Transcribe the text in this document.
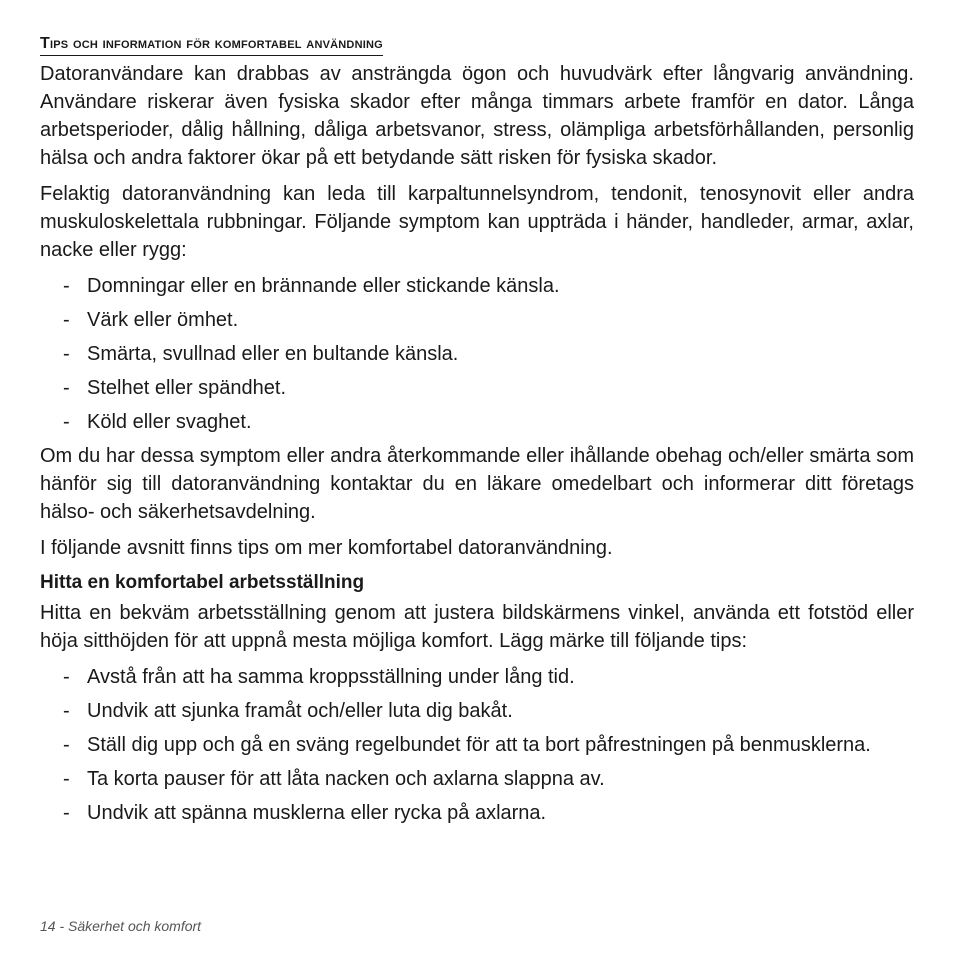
Tips och information för komfortabel användning

Datoranvändare kan drabbas av ansträngda ögon och huvudvärk efter långvarig användning. Användare riskerar även fysiska skador efter många timmars arbete framför en dator. Långa arbetsperioder, dålig hållning, dåliga arbetsvanor, stress, olämpliga arbetsförhållanden, personlig hälsa och andra faktorer ökar på ett betydande sätt risken för fysiska skador.

Felaktig datoranvändning kan leda till karpaltunnelsyndrom, tendonit, tenosynovit eller andra muskuloskelettala rubbningar. Följande symptom kan uppträda i händer, handleder, armar, axlar, nacke eller rygg:

- Domningar eller en brännande eller stickande känsla.
- Värk eller ömhet.
- Smärta, svullnad eller en bultande känsla.
- Stelhet eller spändhet.
- Köld eller svaghet.

Om du har dessa symptom eller andra återkommande eller ihållande obehag och/eller smärta som hänför sig till datoranvändning kontaktar du en läkare omedelbart och informerar ditt företags hälso- och säkerhetsavdelning.

I följande avsnitt finns tips om mer komfortabel datoranvändning.

Hitta en komfortabel arbetsställning

Hitta en bekväm arbetsställning genom att justera bildskärmens vinkel, använda ett fotstöd eller höja sitthöjden för att uppnå mesta möjliga komfort. Lägg märke till följande tips:

- Avstå från att ha samma kroppsställning under lång tid.
- Undvik att sjunka framåt och/eller luta dig bakåt.
- Ställ dig upp och gå en sväng regelbundet för att ta bort påfrestningen på benmusklerna.
- Ta korta pauser för att låta nacken och axlarna slappna av.
- Undvik att spänna musklerna eller rycka på axlarna.
14 - Säkerhet och komfort
